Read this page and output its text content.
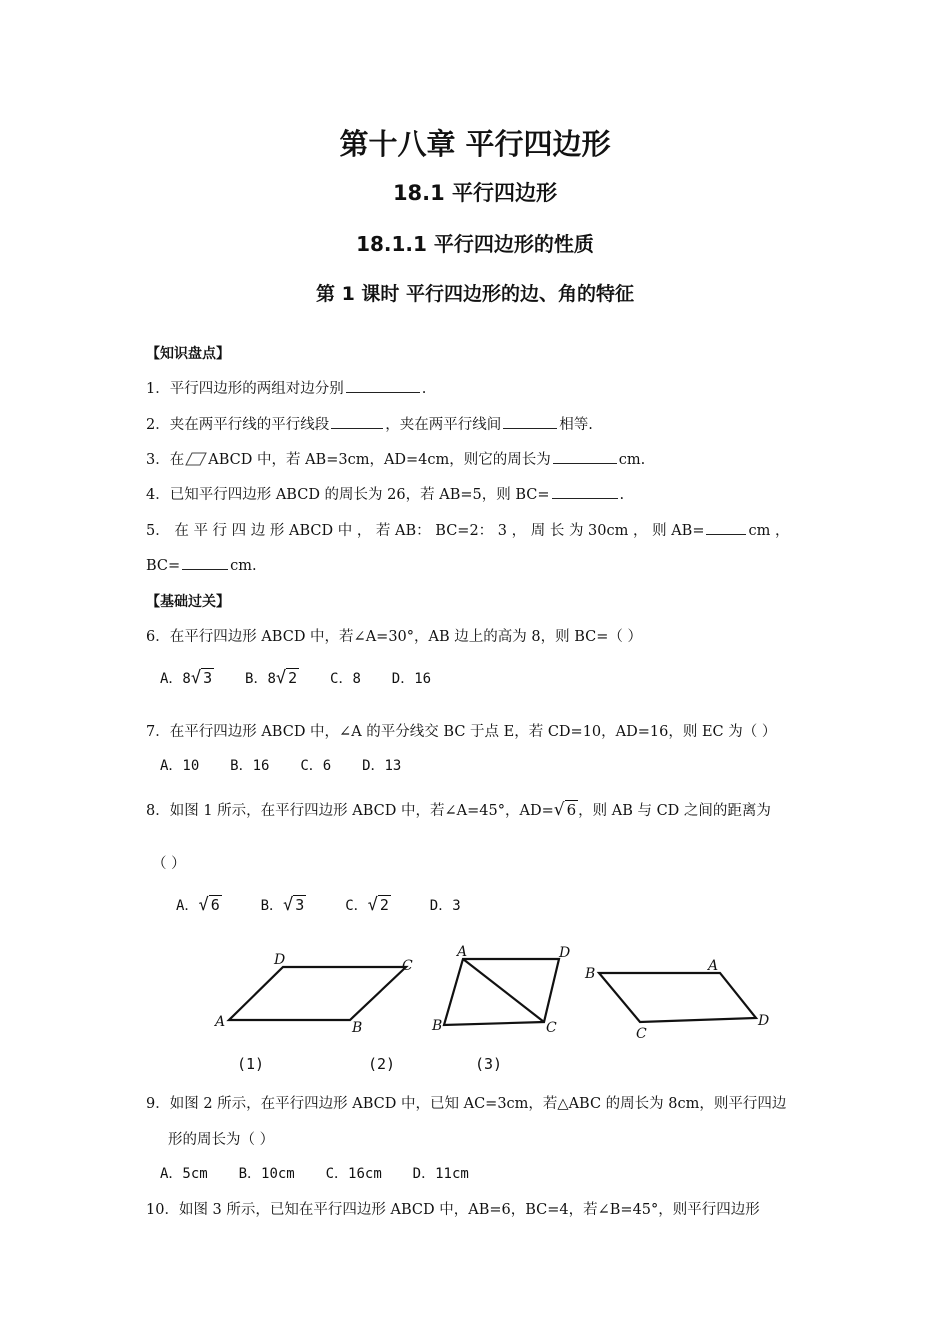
第十八章 平行四边形
18.1 平行四边形
18.1.1 平行四边形的性质
第 1 课时 平行四边形的边、角的特征
【知识盘点】
1．平行四边形的两组对边分别	.
2．夹在两平行线的平行线段	，夹在两平行线间	相等.
3．在 ABCD 中，若 AB=3cm，AD=4cm，则它的周长为	cm.
4．已知平行四边形 ABCD 的周长为 26，若 AB=5，则 BC=	.
5． 在 平 行 四 边 形 ABCD 中 ， 若 AB： BC=2： 3 ， 周 长 为 30cm ， 则 AB=	cm ，
BC=	cm.
【基础过关】
6．在平行四边形 ABCD 中，若∠A=30°，AB 边上的高为 8，则 BC=（ ）
A．8√ 3 B．8√ 2 C．8 D．16
7．在平行四边形 ABCD 中，∠A 的平分线交 BC 于点 E，若 CD=10，AD=16，则 EC 为（ ）
A．10 B．16 C．6 D．13
8．如图 1 所示，在平行四边形 ABCD 中，若∠A=45°，AD=√ 6 ，则 AB 与 CD 之间的距离为
（ ）
A．√ 6	B．√ 3	C．√ 2	D．3
D	C
A	B
A	D
B	C
B	A
C
D
(1)	(2)	(3)
9．如图 2 所示，在平行四边形 ABCD 中，已知 AC=3cm，若△ABC 的周长为 8cm，则平行四边
形的周长为（ ）
A．5cm B．10cm C．16cm D．11cm
10．如图 3 所示，已知在平行四边形 ABCD 中，AB=6，BC=4，若∠B=45°，则平行四边形
